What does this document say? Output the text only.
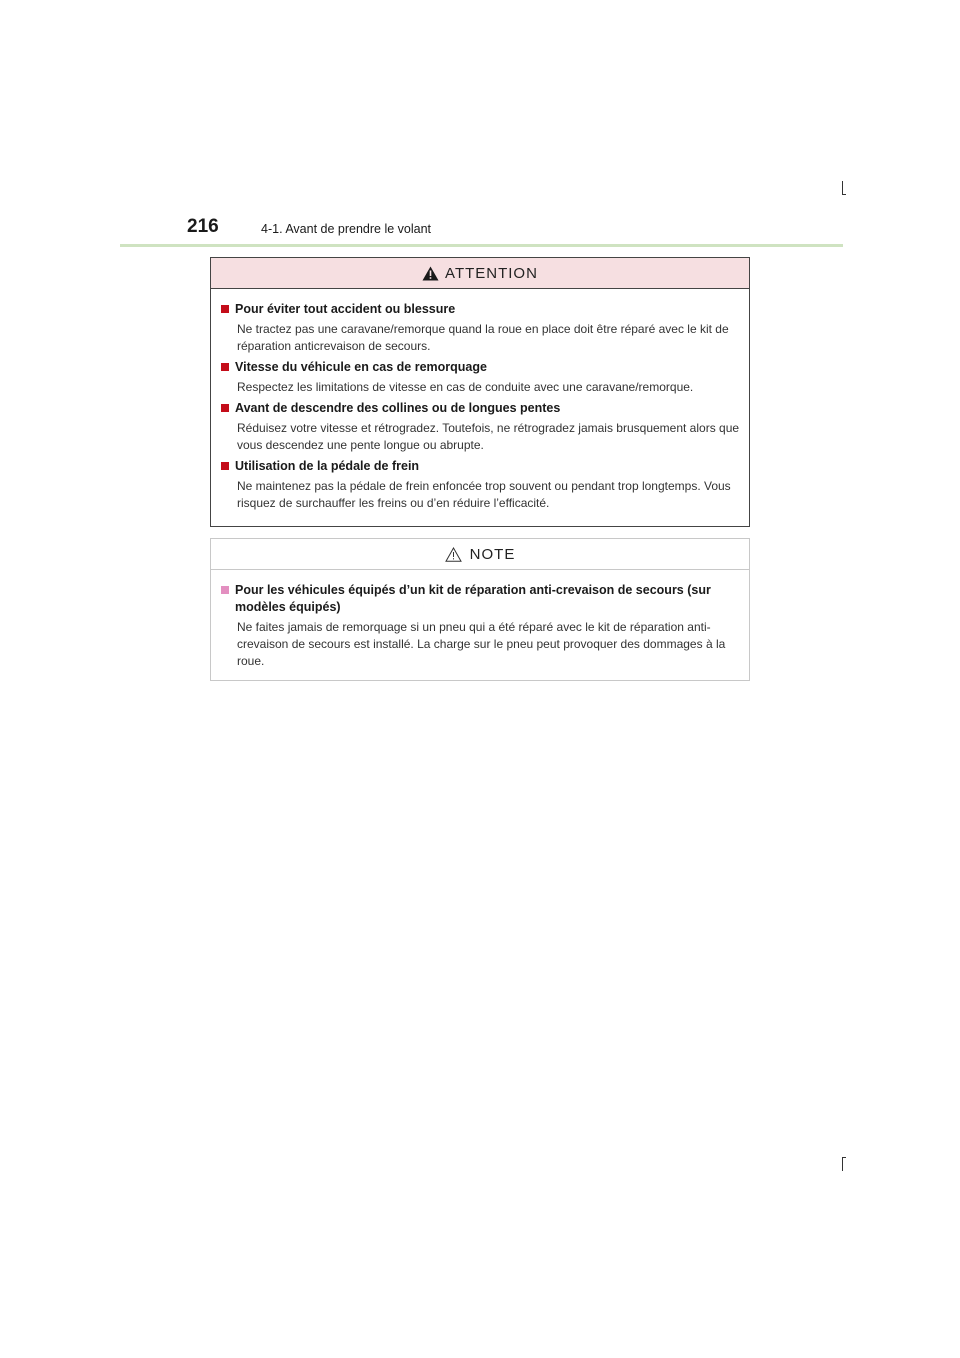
216	4-1. Avant de prendre le volant
ATTENTION
Pour éviter tout accident ou blessure
Ne tractez pas une caravane/remorque quand la roue en place doit être réparé avec le kit de réparation anticrevaison de secours.
Vitesse du véhicule en cas de remorquage
Respectez les limitations de vitesse en cas de conduite avec une caravane/remorque.
Avant de descendre des collines ou de longues pentes
Réduisez votre vitesse et rétrogradez. Toutefois, ne rétrogradez jamais brusquement alors que vous descendez une pente longue ou abrupte.
Utilisation de la pédale de frein
Ne maintenez pas la pédale de frein enfoncée trop souvent ou pendant trop longtemps. Vous risquez de surchauffer les freins ou d’en réduire l’efficacité.
NOTE
Pour les véhicules équipés d’un kit de réparation anti-crevaison de secours (sur modèles équipés)
Ne faites jamais de remorquage si un pneu qui a été réparé avec le kit de réparation anti-crevaison de secours est installé. La charge sur le pneu peut provoquer des dommages à la roue.
